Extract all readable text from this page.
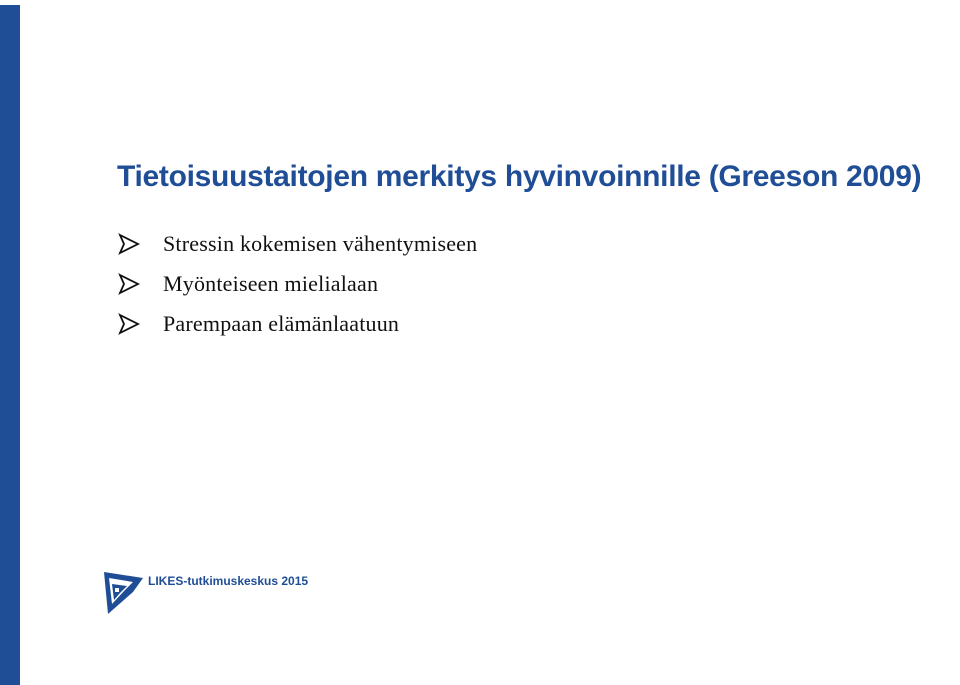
Tietoisuustaitojen merkitys hyvinvoinnille (Greeson 2009)
Stressin kokemisen vähentymiseen
Myönteiseen mielialaan
Parempaan elämänlaatuun
LIKES-tutkimuskeskus 2015
